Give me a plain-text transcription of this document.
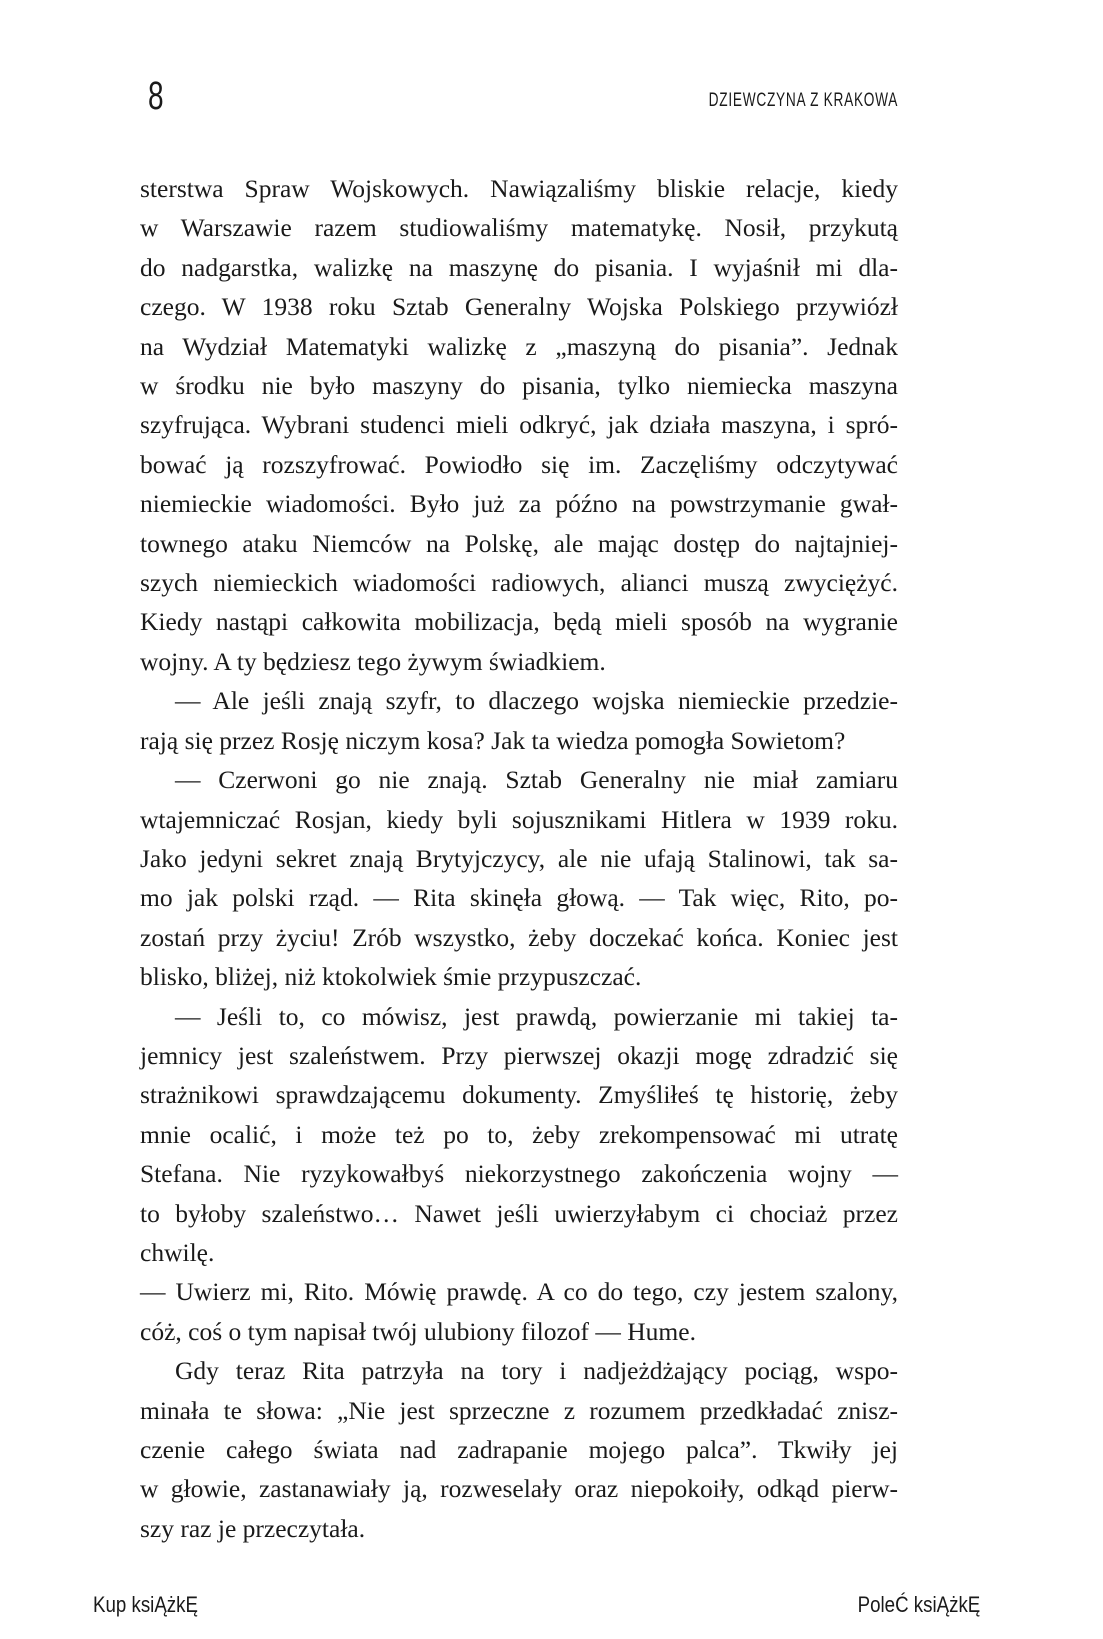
8	DZIEWCZYNA Z KRAKOWA
sterstwa Spraw Wojskowych. Nawiązaliśmy bliskie relacje, kiedy
w Warszawie razem studiowaliśmy matematykę. Nosił, przykutą
do nadgarstka, walizkę na maszynę do pisania. I wyjaśnił mi dla-
czego. W 1938 roku Sztab Generalny Wojska Polskiego przywiózł
na Wydział Matematyki walizkę z „maszyną do pisania”. Jednak
w środku nie było maszyny do pisania, tylko niemiecka maszyna
szyfrująca. Wybrani studenci mieli odkryć, jak działa maszyna, i spró-
bować ją rozszyfrować. Powiodło się im. Zaczęliśmy odczytywać
niemieckie wiadomości. Było już za późno na powstrzymanie gwał-
townego ataku Niemców na Polskę, ale mając dostęp do najtajniej-
szych niemieckich wiadomości radiowych, alianci muszą zwyciężyć.
Kiedy nastąpi całkowita mobilizacja, będą mieli sposób na wygranie
wojny. A ty będziesz tego żywym świadkiem.
— Ale jeśli znają szyfr, to dlaczego wojska niemieckie przedzie-
rają się przez Rosję niczym kosa? Jak ta wiedza pomogła Sowietom?
— Czerwoni go nie znają. Sztab Generalny nie miał zamiaru
wtajemniczać Rosjan, kiedy byli sojusznikami Hitlera w 1939 roku.
Jako jedyni sekret znają Brytyjczycy, ale nie ufają Stalinowi, tak sa-
mo jak polski rząd. — Rita skinęła głową. — Tak więc, Rito, po-
zostań przy życiu! Zrób wszystko, żeby doczekać końca. Koniec jest
blisko, bliżej, niż ktokolwiek śmie przypuszczać.
— Jeśli to, co mówisz, jest prawdą, powierzanie mi takiej ta-
jemnicy jest szaleństwem. Przy pierwszej okazji mogę zdradzić się
strażnikowi sprawdzającemu dokumenty. Zmyśliłeś tę historię, żeby
mnie ocalić, i może też po to, żeby zrekompensować mi utratę
Stefana. Nie ryzykowałbyś niekorzystnego zakończenia wojny —
to byłoby szaleństwo… Nawet jeśli uwierzyłabym ci chociaż przez
chwilę.
— Uwierz mi, Rito. Mówię prawdę. A co do tego, czy jestem szalony,
cóż, coś o tym napisał twój ulubiony filozof — Hume.
Gdy teraz Rita patrzyła na tory i nadjeżdżający pociąg, wspo-
minała te słowa: „Nie jest sprzeczne z rozumem przedkładać znisz-
czenie całego świata nad zadrapanie mojego palca”. Tkwiły jej
w głowie, zastanawiały ją, rozweselały oraz niepokoiły, odkąd pierw-
szy raz je przeczytała.
Kup ksiĄżkĘ	PoleĆ ksiĄżkĘ
